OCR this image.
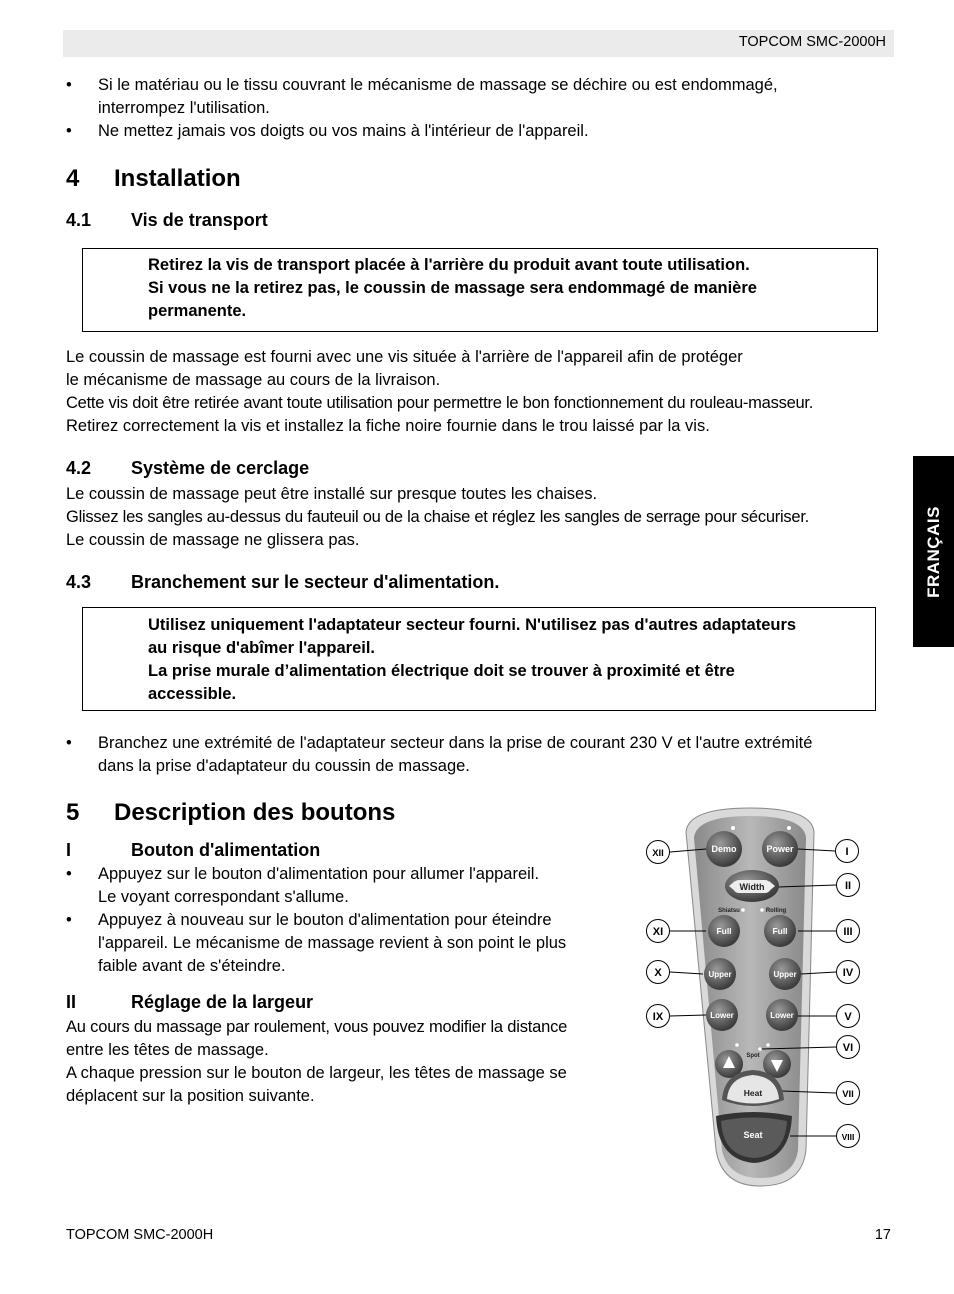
TOPCOM SMC-2000H
FRANÇAIS
• Si le matériau ou le tissu couvrant le mécanisme de massage se déchire ou est endommagé,

interrompez l'utilisation.

• Ne mettez jamais vos doigts ou vos mains à l'intérieur de l'appareil.

4 Installation
4.1 Vis de transport

Retirez la vis de transport placée à l'arrière du produit avant toute utilisation.

Si vous ne la retirez pas, le coussin de massage sera endommagé de manière

permanente.

Le coussin de massage est fourni avec une vis située à l'arrière de l'appareil afin de protéger

le mécanisme de massage au cours de la livraison.

Cette vis doit être retirée avant toute utilisation pour permettre le bon fonctionnement du rouleau-masseur.

Retirez correctement la vis et installez la fiche noire fournie dans le trou laissé par la vis.

4.2 Système de cerclage

Le coussin de massage peut être installé sur presque toutes les chaises.

Glissez les sangles au-dessus du fauteuil ou de la chaise et réglez les sangles de serrage pour sécuriser.

Le coussin de massage ne glissera pas.

4.3 Branchement sur le secteur d'alimentation.

Utilisez uniquement l'adaptateur secteur fourni. N'utilisez pas d'autres adaptateurs

au risque d'abîmer l'appareil.

La prise murale d’alimentation électrique doit se trouver à proximité et être

accessible.

• Branchez une extrémité de l'adaptateur secteur dans la prise de courant 230 V et l'autre extrémité

dans la prise d'adaptateur du coussin de massage.

5 Description des boutons
I	Bouton d'alimentation
• Appuyez sur le bouton d'alimentation pour allumer l'appareil.

Le voyant correspondant s'allume.

• Appuyez à nouveau sur le bouton d'alimentation pour éteindre

l'appareil. Le mécanisme de massage revient à son point le plus

faible avant de s'éteindre.

II	Réglage de la largeur

Au cours du massage par roulement, vous pouvez modifier la distance

entre les têtes de massage.

A chaque pression sur le bouton de largeur, les têtes de massage se

déplacent sur la position suivante.

Demo	Power
Width
Shiatsu	Rolling
Full	Full
Upper	Upper
Lower	Lower
Spot
Heat
Seat
I
II
III
IV
V
VI
VII
VIII
XII
XI
X
IX
TOPCOM SMC-2000H	17
